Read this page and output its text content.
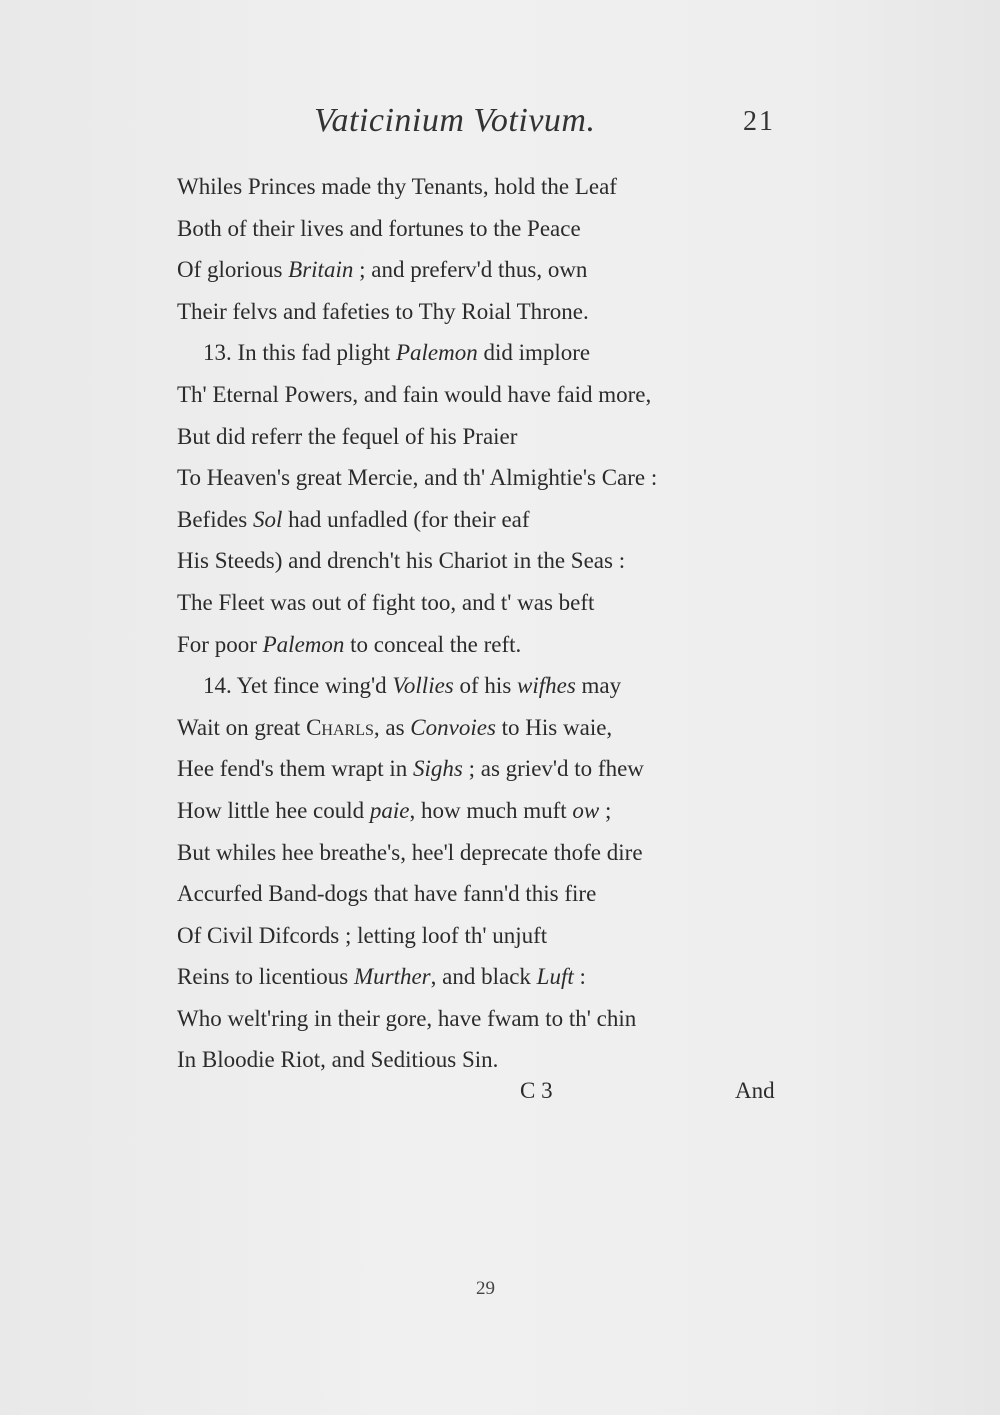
Vaticinium Votivum.	21
Whiles Princes made thy Tenants, hold the Leaf
Both of their lives and fortunes to the Peace
Of glorious Britain ; and preferv'd thus, own
Their felvs and fafeties to Thy Roial Throne.
13. In this fad plight Palemon did implore
Th' Eternal Powers, and fain would have faid more,
But did referr the fequel of his Praier
To Heaven's great Mercie, and th' Almightie's Care :
Befides Sol had unfadled (for their eaf
His Steeds) and drench't his Chariot in the Seas :
The Fleet was out of fight too, and t' was beft
For poor Palemon to conceal the reft.
14. Yet fince wing'd Vollies of his wifhes may
Wait on great Charls, as Convoies to His waie,
Hee fend's them wrapt in Sighs ; as griev'd to fhew
How little hee could paie, how much muft ow ;
But whiles hee breathe's, hee'l deprecate thofe dire
Accurfed Band-dogs that have fann'd this fire
Of Civil Difcords ; letting loof th' unjuft
Reins to licentious Murther, and black Luft :
Who welt'ring in their gore, have fwam to th' chin
In Bloodie Riot, and Seditious Sin.
C 3	And
29
